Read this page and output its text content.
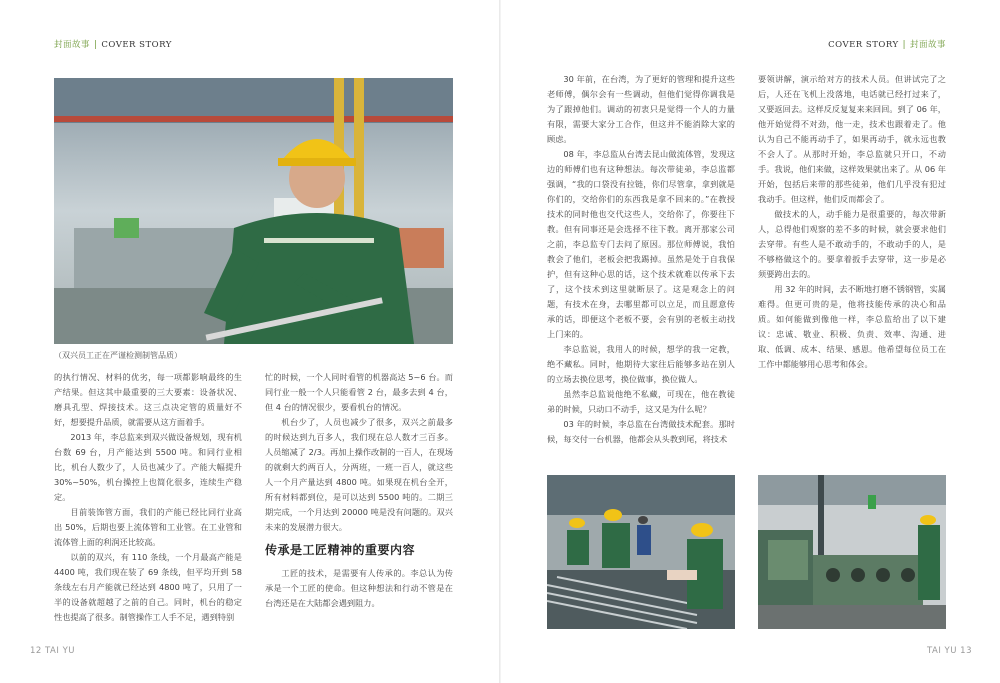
封面故事 | COVER STORY
（双兴员工正在严谨检测制管品质）

的执行情况、材料的优劣，每一项都影响最终的生产结果。但这其中最重要的三大要素：设备状况、磨具孔型、焊接技术。这三点决定管的质量好不好，想要提升品质，就需要从这方面着手。

2013 年，李总监来到双兴做设备规划，现有机台数 69 台，月产能达到 5500 吨。和同行业相比，机台人数少了，人员也减少了。产能大幅提升 30%~50%，机台操控上也简化很多，连续生产稳定。

目前装饰管方面，我们的产能已经比同行业高出 50%，后期也要上流体管和工业管。在工业管和流体管上面的利润还比较高。

以前的双兴，有 110 条线，一个月最高产能是 4400 吨，我们现在装了 69 条线，但平均开到 58 条线左右月产能就已经达到 4800 吨了，只用了一半的设备就超越了之前的自己。同时，机台的稳定性也提高了很多。制管操作工人手不足，遇到特别

忙的时候，一个人同时看管的机器高达 5~6 台。而同行业一般一个人只能看管 2 台，最多去到 4 台，但 4 台的情况很少，要看机台的情况。

机台少了，人员也减少了很多，双兴之前最多的时候达到九百多人，我们现在总人数才三百多。人员缩减了 2/3。再加上操作改制的一百人，在现场的就剩大约两百人，分两班，一班一百人，就这些人一个月产量达到 4800 吨。如果现在机台全开，所有材料都到位，是可以达到 5500 吨的。二期三期完成，一个月达到 20000 吨是没有问题的。双兴未来的发展潜力很大。

传承是工匠精神的重要内容

工匠的技术，是需要有人传承的。李总认为传承是一个工匠的使命。但这种想法和行动不管是在台湾还是在大陆都会遇到阻力。

12 TAI YU
COVER STORY | 封面故事

30 年前，在台湾，为了更好的管理和提升这些老师傅，偶尔会有一些调动，但他们觉得你调我是为了跟掉他们。调动的初衷只是觉得一个人的力量有限，需要大家分工合作，但这并不能消除大家的顾虑。

08 年，李总监从台湾去昆山做流体管，发现这边的师傅们也有这种想法。每次带徒弟，李总监都强调，“我的口袋没有拉链，你们尽管拿，拿到就是你们的，交给你们的东西我是拿不回来的。”在教授技术的同时他也交代这些人，交给你了，你要往下教。但有同事还是会选择不往下教。离开那家公司之前，李总监专门去问了原因。那位师傅说，我怕教会了他们，老板会把我踢掉。虽然是处于自我保护，但有这种心思的话，这个技术就难以传承下去了，这个技术到这里就断层了。这是观念上的问题，有技术在身，去哪里都可以立足，而且愿意传承的话，即便这个老板不要，会有别的老板主动找上门来的。

李总监说，我用人的时候，想学的我一定教，绝不藏私。同时，他期待大家往后能够多站在别人的立场去换位思考，换位做事，换位做人。

虽然李总监说他绝不私藏，可现在，他在教徒弟的时候，只动口不动手，这又是为什么呢？

03 年的时候，李总监在台湾做技术配套。那时候，每交付一台机器，他都会从头教到尾，将技术

要领讲解，演示给对方的技术人员。但讲试完了之后，人还在飞机上没落地，电话就已经打过来了，又要返回去。这样反反复复来来回回。到了 06 年，他开始觉得不对劲，他一走，技术也跟着走了。他认为自己不能再动手了，如果再动手，就永远也教不会人了。从那时开始，李总监就只开口，不动手。我说，他们来做，这样效果就出来了。从 06 年开始，包括后来带的那些徒弟，他们几乎没有犯过我动手。但这样，他们反而都会了。

做技术的人，动手能力是很重要的，每次带新人，总得他们观察的差不多的时候，就会要求他们去穿带。有些人是不敢动手的，不敢动手的人，是不够格做这个的。要拿着扳手去穿带，这一步是必须要跨出去的。

用 32 年的时间，去不断地打磨不锈钢管，实属难得。但更可贵的是，他将技能传承的决心和品质。如何能做到像他一样，李总监给出了以下建议：忠诚、敬业、积极、负责、效率、沟通、进取、低调、成本、结果、感恩。他希望每位员工在工作中都能够用心思考和体会。

TAI YU 13
